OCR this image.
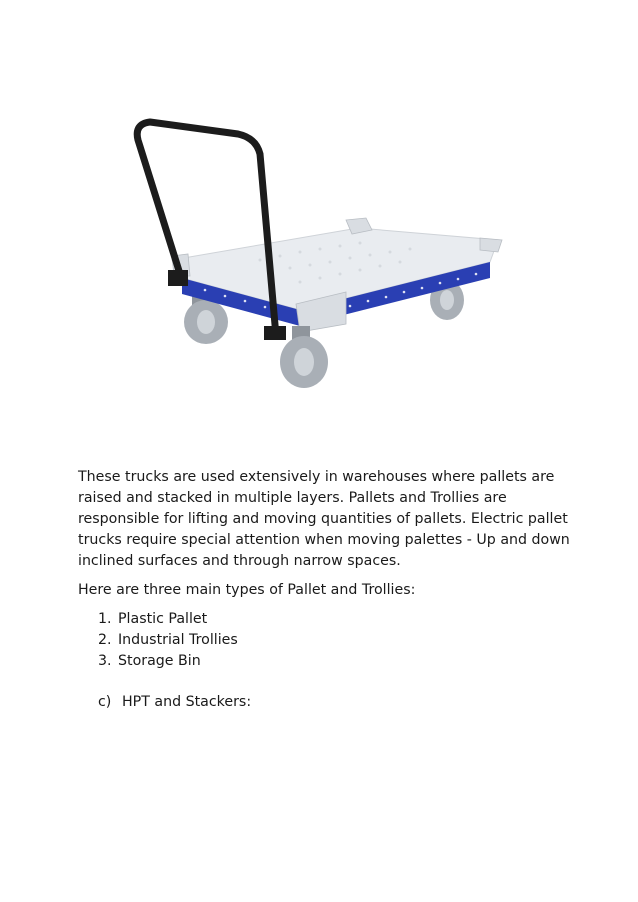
These trucks are used extensively in warehouses where pallets are raised and stacked in multiple layers. Pallets and Trollies are responsible for lifting and moving quantities of pallets. Electric pallet trucks require special attention when moving palettes - Up and down inclined surfaces and through narrow spaces.

Here are three main types of Pallet and Trollies:

1. Plastic Pallet
2. Industrial Trollies
3. Storage Bin
c) HPT and Stackers:
